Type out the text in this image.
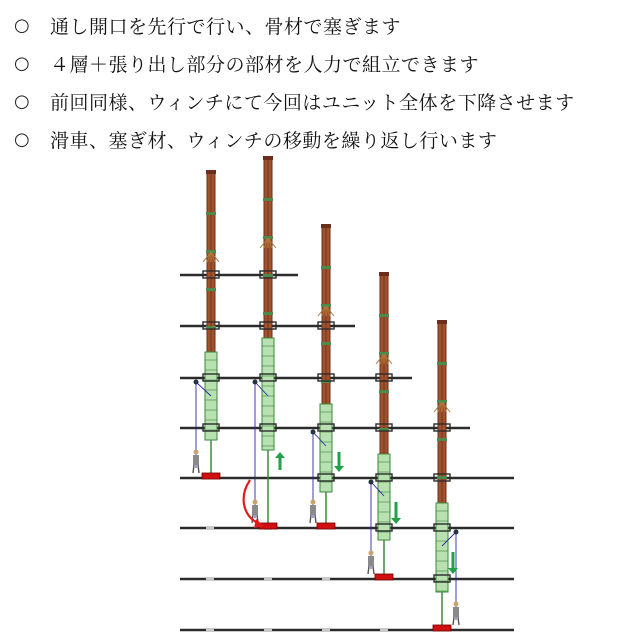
○	通し開口を先行で行い、骨材で塞ぎます
○	４層＋張り出し部分の部材を人力で組立できます
○	前回同様、ウィンチにて今回はユニット全体を下降させます
○	滑車、塞ぎ材、ウィンチの移動を繰り返し行います
